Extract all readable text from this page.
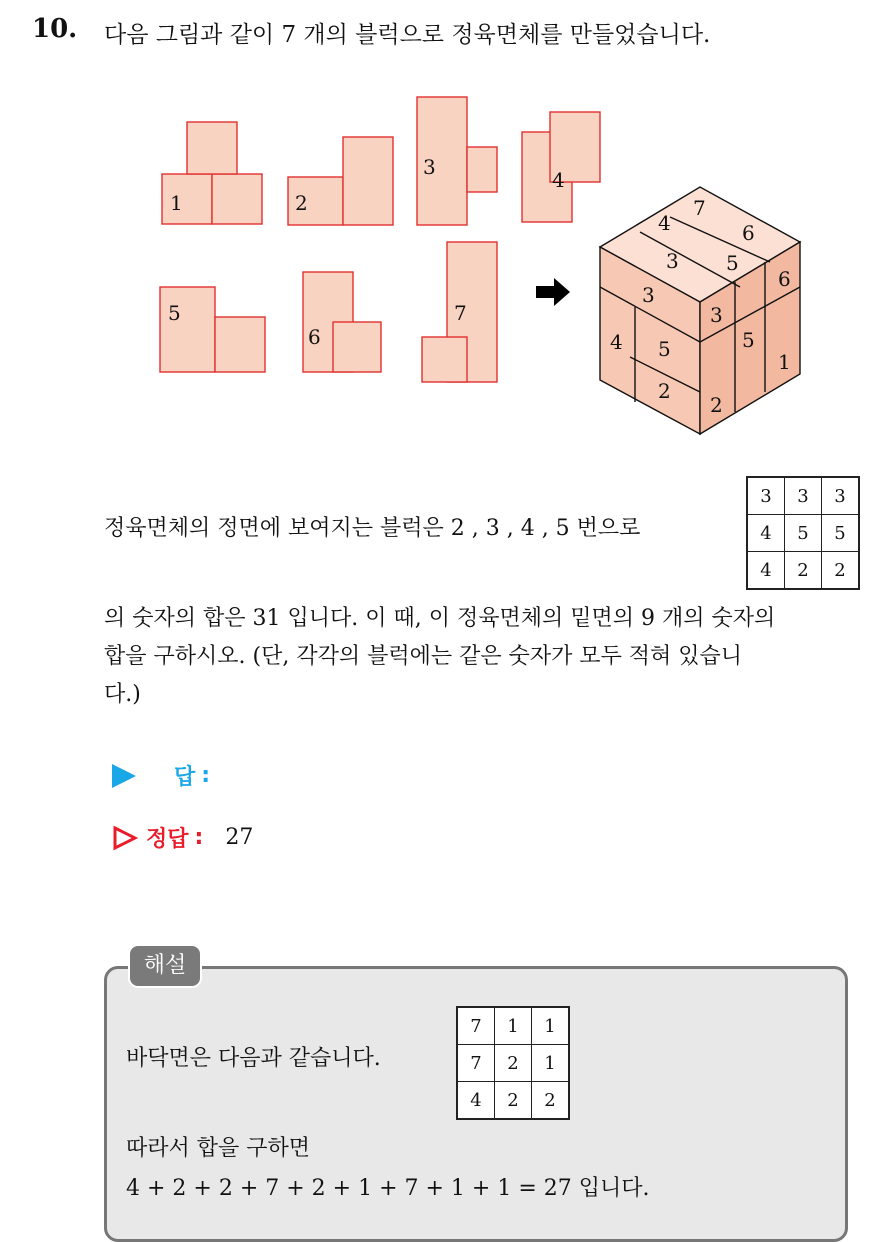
10. 다음 그림과 같이 7 개의 블럭으로 정육면체를 만들었습니다.
1	2
3
4
5
6
7
7
4	6
3 5
3
3
4 5
2
2
6
5
1
정육면체의 정면에 보여지는 블럭은 2 , 3 , 4 , 5 번으로
3	3	3
4	5	5
4	2	2
의 숫자의 합은 31 입니다. 이 때, 이 정육면체의 밑면의 9 개의 숫자의
합을 구하시오. (단, 각각의 블럭에는 같은 숫자가 모두 적혀 있습니
다.)
답 :
정답 : 27
해설
바닥면은 다음과 같습니다.
7	1	1
7	2	1
4	2	2
따라서 합을 구하면
4 + 2 + 2 + 7 + 2 + 1 + 7 + 1 + 1 = 27 입니다.
